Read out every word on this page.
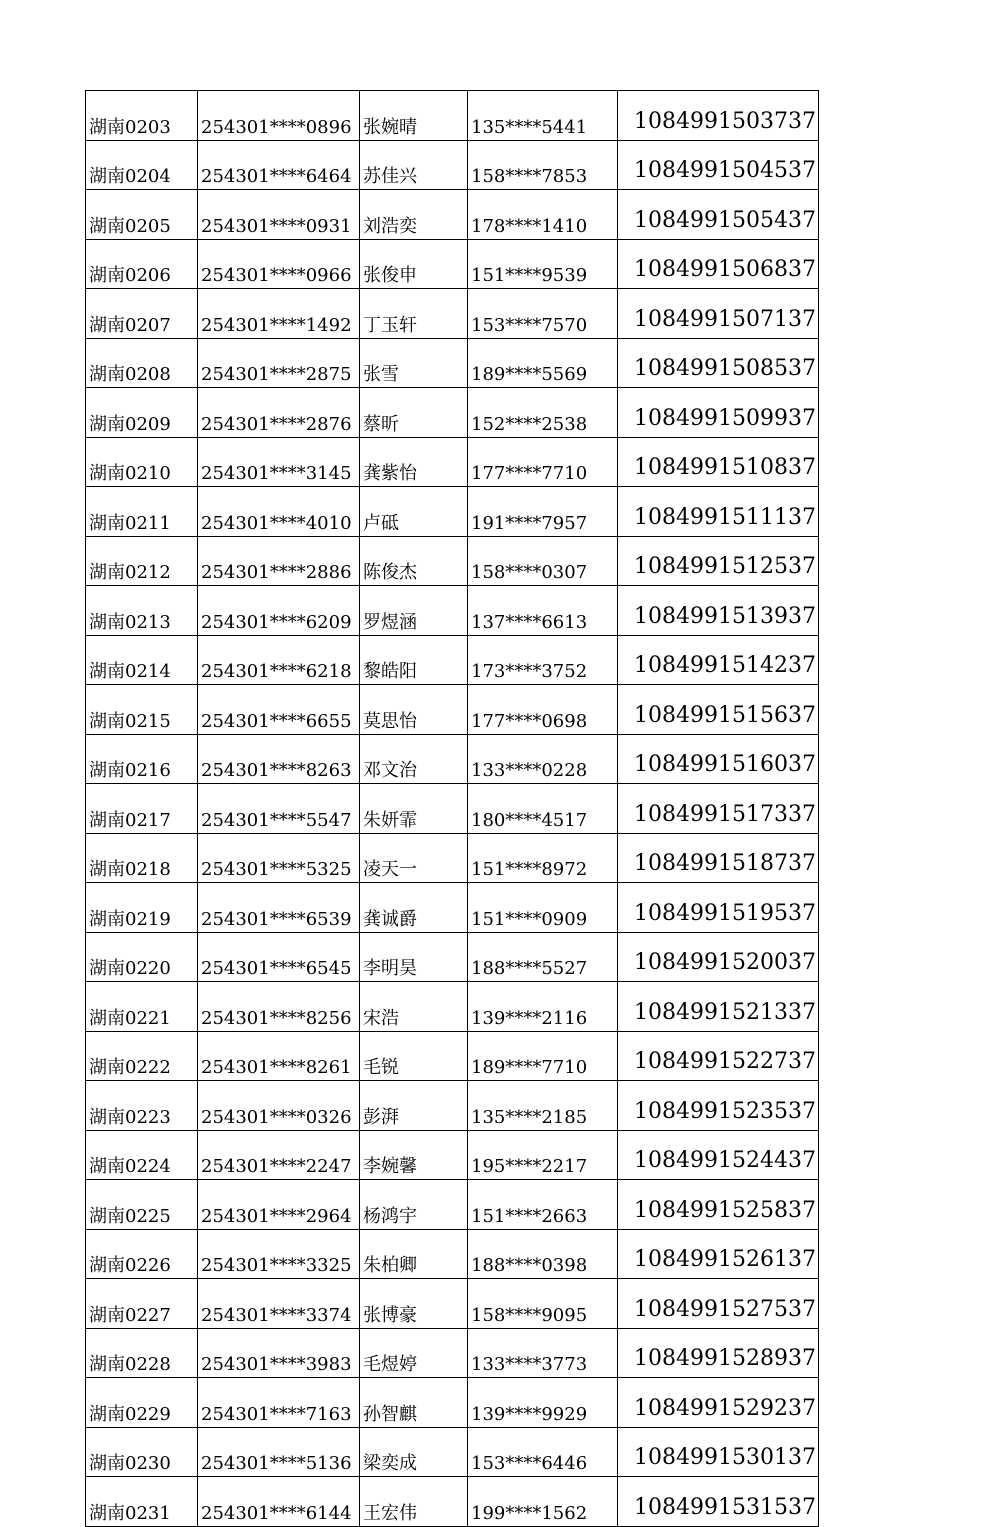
湖南0203	254301****0896	张婉晴	135****5441	1084991503737
湖南0204	254301****6464	苏佳兴	158****7853	1084991504537
湖南0205	254301****0931	刘浩奕	178****1410	1084991505437
湖南0206	254301****0966	张俊申	151****9539	1084991506837
湖南0207	254301****1492	丁玉轩	153****7570	1084991507137
湖南0208	254301****2875	张雪	189****5569	1084991508537
湖南0209	254301****2876	蔡昕	152****2538	1084991509937
湖南0210	254301****3145	龚紫怡	177****7710	1084991510837
湖南0211	254301****4010	卢砥	191****7957	1084991511137
湖南0212	254301****2886	陈俊杰	158****0307	1084991512537
湖南0213	254301****6209	罗煜涵	137****6613	1084991513937
湖南0214	254301****6218	黎皓阳	173****3752	1084991514237
湖南0215	254301****6655	莫思怡	177****0698	1084991515637
湖南0216	254301****8263	邓文治	133****0228	1084991516037
湖南0217	254301****5547	朱妍霏	180****4517	1084991517337
湖南0218	254301****5325	凌天一	151****8972	1084991518737
湖南0219	254301****6539	龚诚爵	151****0909	1084991519537
湖南0220	254301****6545	李明昊	188****5527	1084991520037
湖南0221	254301****8256	宋浩	139****2116	1084991521337
湖南0222	254301****8261	毛锐	189****7710	1084991522737
湖南0223	254301****0326	彭湃	135****2185	1084991523537
湖南0224	254301****2247	李婉馨	195****2217	1084991524437
湖南0225	254301****2964	杨鸿宇	151****2663	1084991525837
湖南0226	254301****3325	朱柏卿	188****0398	1084991526137
湖南0227	254301****3374	张博豪	158****9095	1084991527537
湖南0228	254301****3983	毛煜婷	133****3773	1084991528937
湖南0229	254301****7163	孙智麒	139****9929	1084991529237
湖南0230	254301****5136	梁奕成	153****6446	1084991530137
湖南0231	254301****6144	王宏伟	199****1562	1084991531537
